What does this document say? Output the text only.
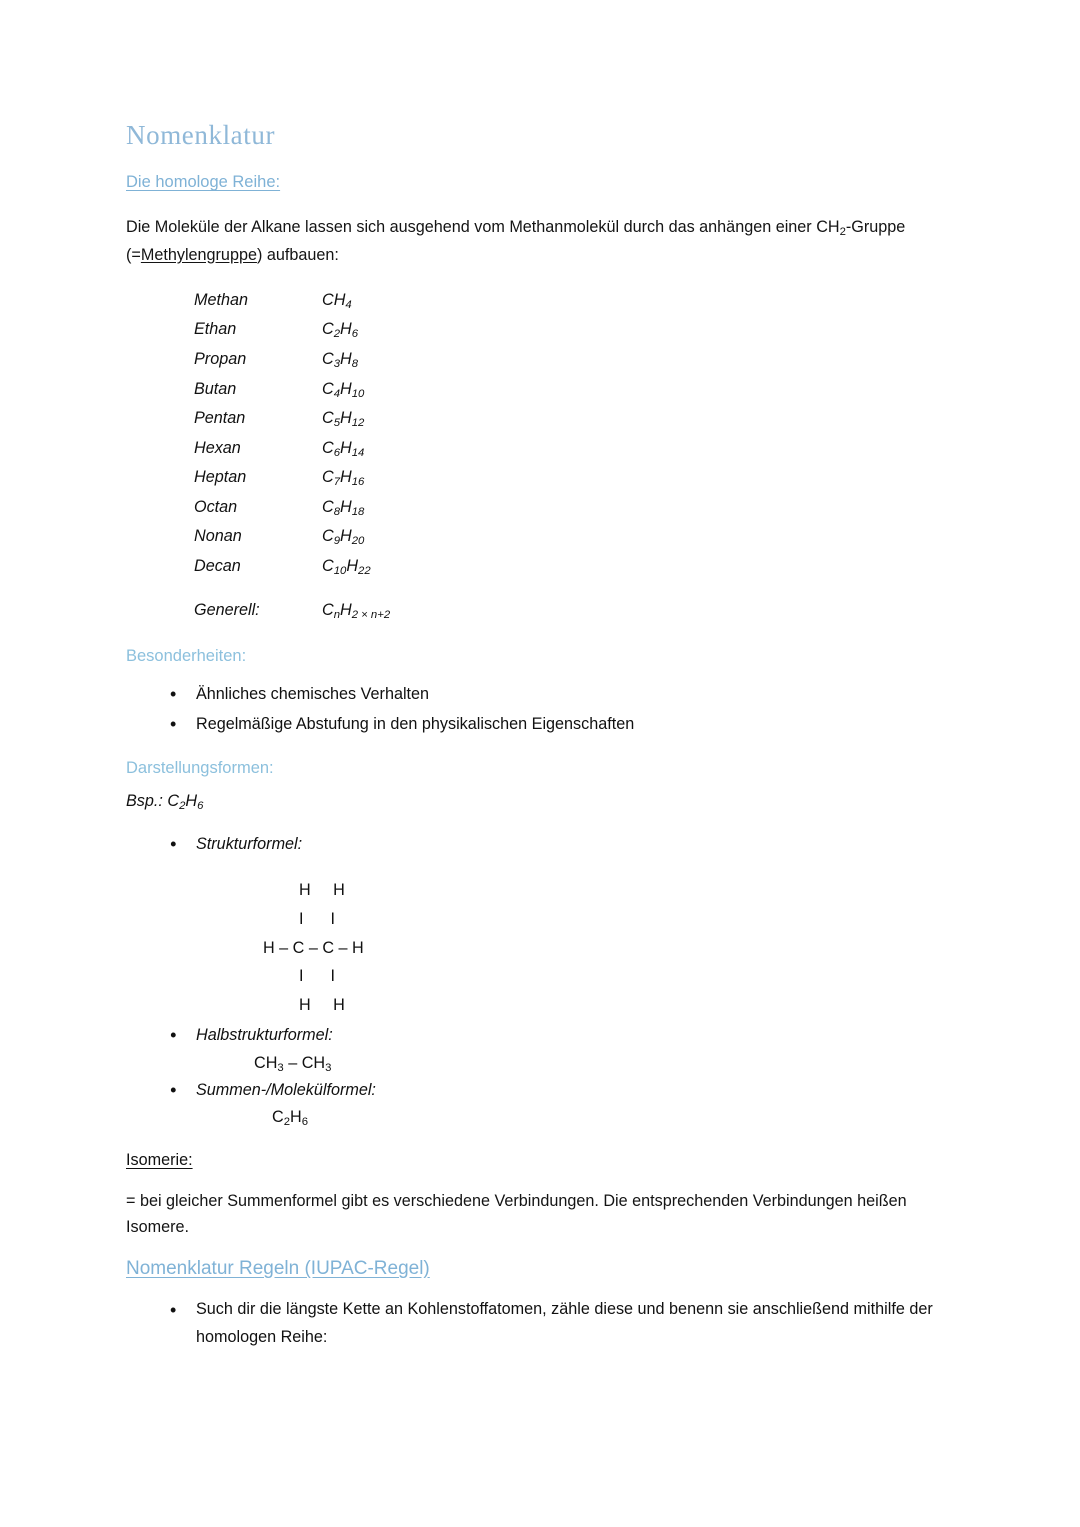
Nomenklatur
Die homologe Reihe:

Die Moleküle der Alkane lassen sich ausgehend vom Methanmolekül durch das anhängen einer $CH_2$-Gruppe (=Methylengruppe) aufbauen:

Methan	$CH_4$
Ethan	$C_2H_6$
Propan	$C_3H_8$
Butan	$C_4H_{10}$
Pentan	$C_5H_{12}$
Hexan	$C_6H_{14}$
Heptan	$C_7H_{16}$
Octan	$C_8H_{18}$
Nonan	$C_9H_{20}$
Decan	$C_{10}H_{22}$
Generell:	$C_nH_{2 \times n+2}$
Besonderheiten:
• Ähnliches chemisches Verhalten
• Regelmäßige Abstufung in den physikalischen Eigenschaften
Darstellungsformen:
Bsp.: $C_2H_6$
• Strukturformel:
H     H
I      I
H – C – C – H
I      I
H     H
• Halbstrukturformel:
$CH_3 - CH_3$
• Summen-/Molekülformel:
$C_2H_6$
Isomerie:

= bei gleicher Summenformel gibt es verschiedene Verbindungen. Die entsprechenden Verbindungen heißen Isomere.

Nomenklatur Regeln (IUPAC-Regel)
• Such dir die längste Kette an Kohlenstoffatomen, zähle diese und benenn sie anschließend mithilfe der homologen Reihe:
